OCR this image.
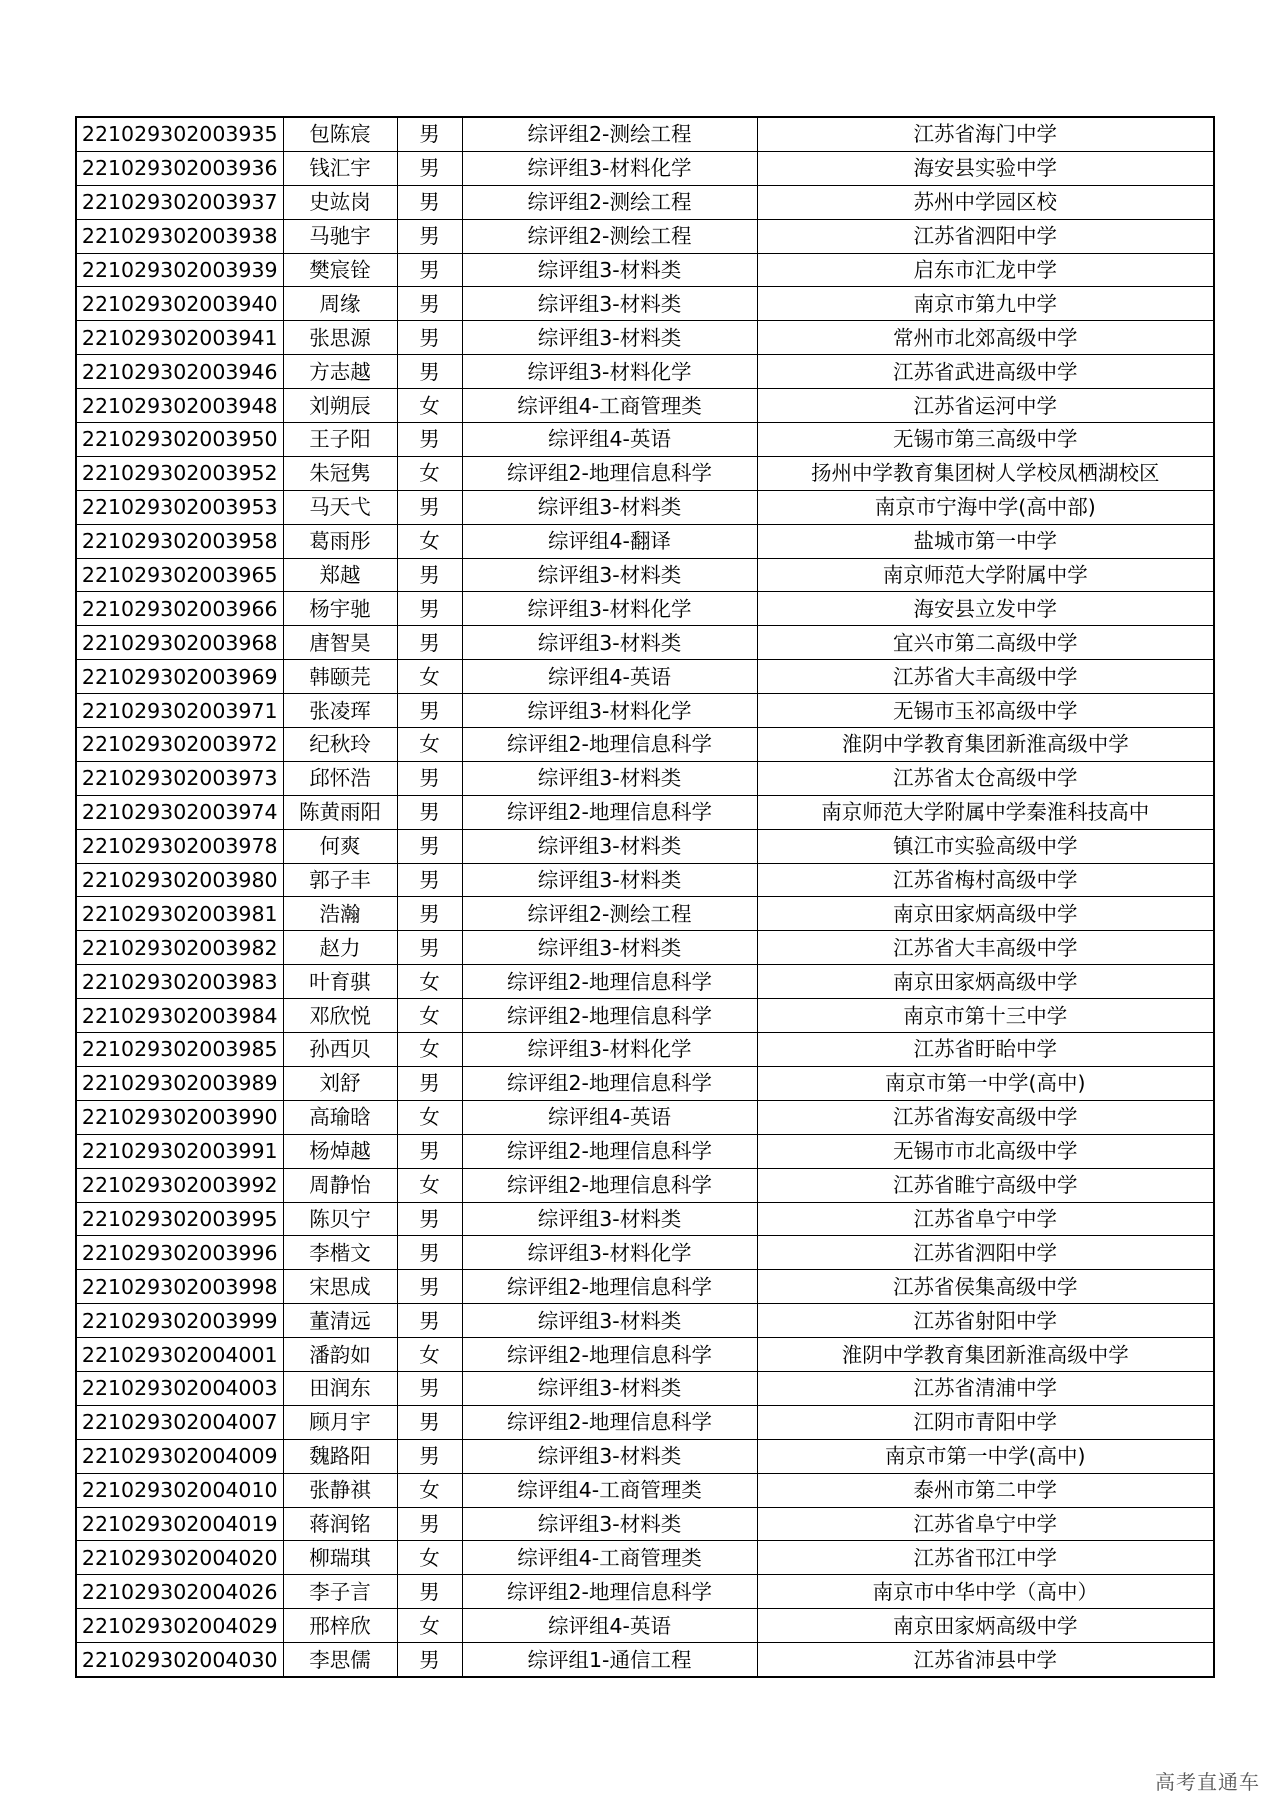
221029302003935	包陈宸	男	综评组2-测绘工程	江苏省海门中学
221029302003936	钱汇宇	男	综评组3-材料化学	海安县实验中学
221029302003937	史竑岗	男	综评组2-测绘工程	苏州中学园区校
221029302003938	马驰宇	男	综评组2-测绘工程	江苏省泗阳中学
221029302003939	樊宸铨	男	综评组3-材料类	启东市汇龙中学
221029302003940	周缘	男	综评组3-材料类	南京市第九中学
221029302003941	张思源	男	综评组3-材料类	常州市北郊高级中学
221029302003946	方志越	男	综评组3-材料化学	江苏省武进高级中学
221029302003948	刘朔辰	女	综评组4-工商管理类	江苏省运河中学
221029302003950	王子阳	男	综评组4-英语	无锡市第三高级中学
221029302003952	朱冠隽	女	综评组2-地理信息科学	扬州中学教育集团树人学校凤栖湖校区
221029302003953	马天弋	男	综评组3-材料类	南京市宁海中学(高中部)
221029302003958	葛雨彤	女	综评组4-翻译	盐城市第一中学
221029302003965	郑越	男	综评组3-材料类	南京师范大学附属中学
221029302003966	杨宇驰	男	综评组3-材料化学	海安县立发中学
221029302003968	唐智昊	男	综评组3-材料类	宜兴市第二高级中学
221029302003969	韩颐芫	女	综评组4-英语	江苏省大丰高级中学
221029302003971	张凌珲	男	综评组3-材料化学	无锡市玉祁高级中学
221029302003972	纪秋玲	女	综评组2-地理信息科学	淮阴中学教育集团新淮高级中学
221029302003973	邱怀浩	男	综评组3-材料类	江苏省太仓高级中学
221029302003974	陈黄雨阳	男	综评组2-地理信息科学	南京师范大学附属中学秦淮科技高中
221029302003978	何爽	男	综评组3-材料类	镇江市实验高级中学
221029302003980	郭子丰	男	综评组3-材料类	江苏省梅村高级中学
221029302003981	浩瀚	男	综评组2-测绘工程	南京田家炳高级中学
221029302003982	赵力	男	综评组3-材料类	江苏省大丰高级中学
221029302003983	叶育骐	女	综评组2-地理信息科学	南京田家炳高级中学
221029302003984	邓欣悦	女	综评组2-地理信息科学	南京市第十三中学
221029302003985	孙西贝	女	综评组3-材料化学	江苏省盱眙中学
221029302003989	刘舒	男	综评组2-地理信息科学	南京市第一中学(高中)
221029302003990	高瑜晗	女	综评组4-英语	江苏省海安高级中学
221029302003991	杨焯越	男	综评组2-地理信息科学	无锡市市北高级中学
221029302003992	周静怡	女	综评组2-地理信息科学	江苏省睢宁高级中学
221029302003995	陈贝宁	男	综评组3-材料类	江苏省阜宁中学
221029302003996	李楷文	男	综评组3-材料化学	江苏省泗阳中学
221029302003998	宋思成	男	综评组2-地理信息科学	江苏省侯集高级中学
221029302003999	董清远	男	综评组3-材料类	江苏省射阳中学
221029302004001	潘韵如	女	综评组2-地理信息科学	淮阴中学教育集团新淮高级中学
221029302004003	田润东	男	综评组3-材料类	江苏省清浦中学
221029302004007	顾月宇	男	综评组2-地理信息科学	江阴市青阳中学
221029302004009	魏路阳	男	综评组3-材料类	南京市第一中学(高中)
221029302004010	张静祺	女	综评组4-工商管理类	泰州市第二中学
221029302004019	蒋润铭	男	综评组3-材料类	江苏省阜宁中学
221029302004020	柳瑞琪	女	综评组4-工商管理类	江苏省邗江中学
221029302004026	李子言	男	综评组2-地理信息科学	南京市中华中学（高中）
221029302004029	邢梓欣	女	综评组4-英语	南京田家炳高级中学
221029302004030	李思儒	男	综评组1-通信工程	江苏省沛县中学
高考直通车
